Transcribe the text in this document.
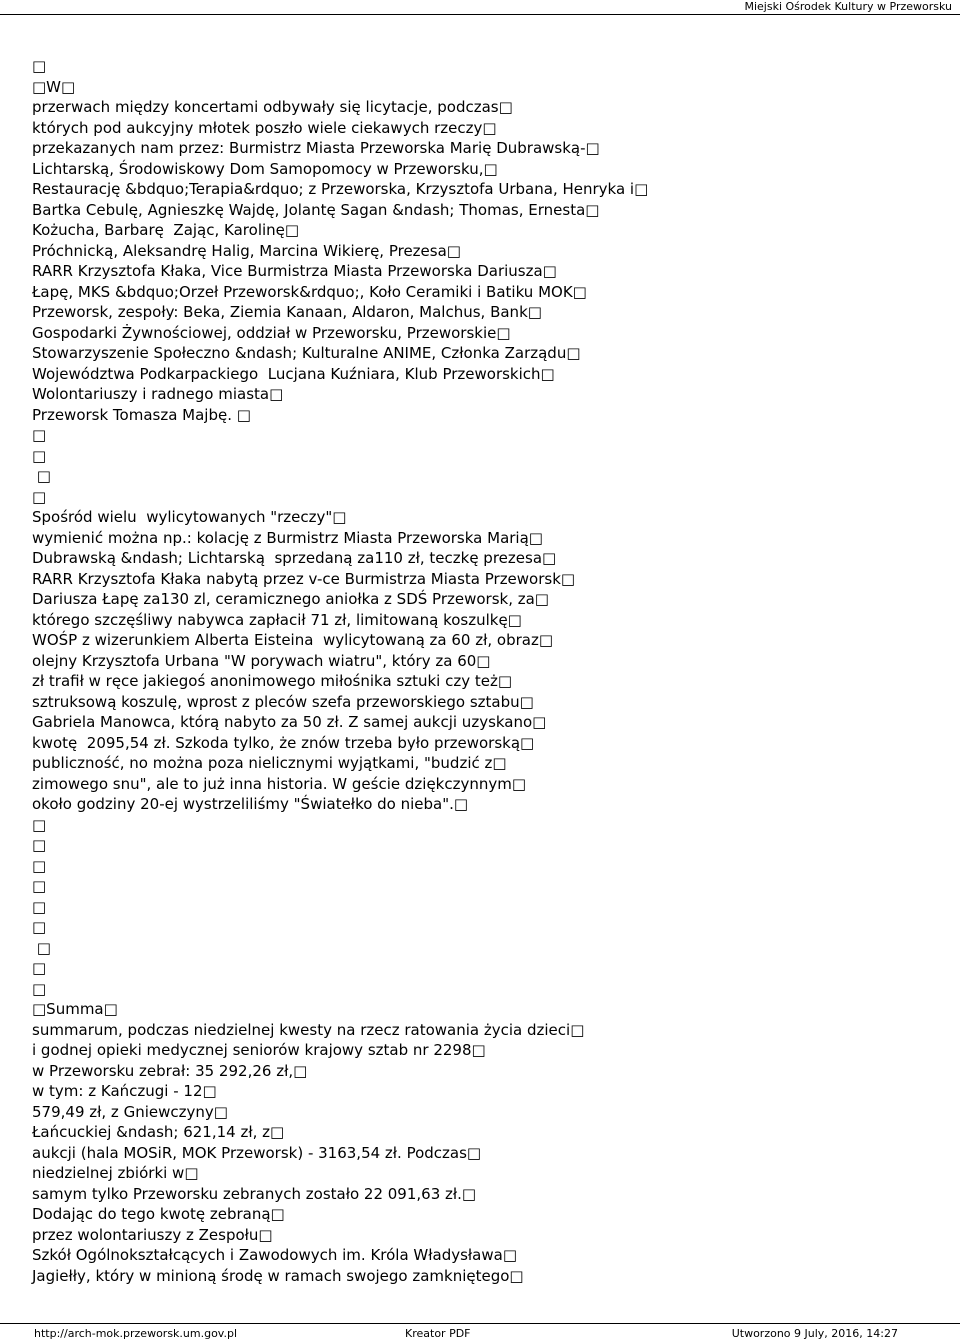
Miejski Ośrodek Kultury w Przeworsku
□
□W□
przerwach między koncertami odbywały się licytacje, podczas□
których pod aukcyjny młotek poszło wiele ciekawych rzeczy□
przekazanych nam przez: Burmistrz Miasta Przeworska Marię Dubrawską-□
Lichtarską, Środowiskowy Dom Samopomocy w Przeworsku,□
Restaurację &bdquo;Terapia&rdquo; z Przeworska, Krzysztofa Urbana, Henryka i□
Bartka Cebulę, Agnieszkę Wajdę, Jolantę Sagan &ndash; Thomas, Ernesta□
Kożucha, Barbarę  Zając, Karolinę□
Próchnicką, Aleksandrę Halig, Marcina Wikierę, Prezesa□
RARR Krzysztofa Kłaka, Vice Burmistrza Miasta Przeworska Dariusza□
Łapę, MKS &bdquo;Orzeł Przeworsk&rdquo;, Koło Ceramiki i Batiku MOK□
Przeworsk, zespoły: Beka, Ziemia Kanaan, Aldaron, Malchus, Bank□
Gospodarki Żywnościowej, oddział w Przeworsku, Przeworskie□
Stowarzyszenie Społeczno &ndash; Kulturalne ANIME, Członka Zarządu□
Województwa Podkarpackiego  Lucjana Kuźniara, Klub Przeworskich□
Wolontariuszy i radnego miasta□
Przeworsk Tomasza Majbę. □
□
□
□
□
Spośród wielu  wylicytowanych "rzeczy"□
wymienić można np.: kolację z Burmistrz Miasta Przeworska Marią□
Dubrawską &ndash; Lichtarską  sprzedaną za110 zł, teczkę prezesa□
RARR Krzysztofa Kłaka nabytą przez v-ce Burmistrza Miasta Przeworsk□
Dariusza Łapę za130 zl, ceramicznego aniołka z SDŚ Przeworsk, za□
którego szczęśliwy nabywca zapłacił 71 zł, limitowaną koszulkę□
WOŚP z wizerunkiem Alberta Eisteina  wylicytowaną za 60 zł, obraz□
olejny Krzysztofa Urbana "W porywach wiatru", który za 60□
zł trafił w ręce jakiegoś anonimowego miłośnika sztuki czy też□
sztruksową koszulę, wprost z pleców szefa przeworskiego sztabu□
Gabriela Manowca, którą nabyto za 50 zł. Z samej aukcji uzyskano□
kwotę  2095,54 zł. Szkoda tylko, że znów trzeba było przeworską□
publiczność, no można poza nielicznymi wyjątkami, "budzić z□
zimowego snu", ale to już inna historia. W geście dziękczynnym□
około godziny 20-ej wystrzeliliśmy "Światełko do nieba".□
□
□
□
□
□
□
□
□
□
□Summa□
summarum, podczas niedzielnej kwesty na rzecz ratowania życia dzieci□
i godnej opieki medycznej seniorów krajowy sztab nr 2298□
w Przeworsku zebrał: 35 292,26 zł,□
w tym: z Kańczugi - 12□
579,49 zł, z Gniewczyny□
Łańcuckiej &ndash; 621,14 zł, z□
aukcji (hala MOSiR, MOK Przeworsk) - 3163,54 zł. Podczas□
niedzielnej zbiórki w□
samym tylko Przeworsku zebranych zostało 22 091,63 zł.□
Dodając do tego kwotę zebraną□
przez wolontariuszy z Zespołu□
Szkół Ogólnokształcących i Zawodowych im. Króla Władysława□
Jagiełły, który w minioną środę w ramach swojego zamkniętego□
http://arch-mok.przeworsk.um.gov.pl	Kreator PDF	Utworzono 9 July, 2016, 14:27
